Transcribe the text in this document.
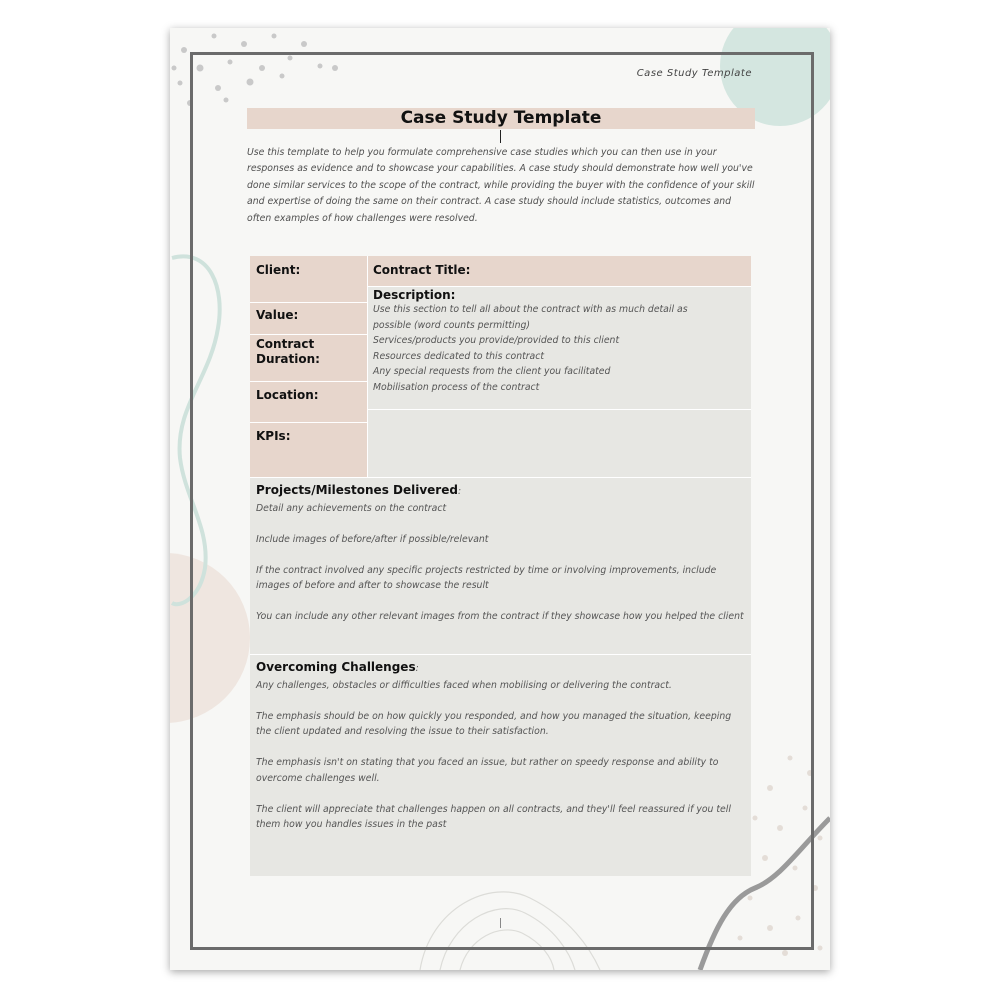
Case Study Template
Case Study Template
Use this template to help you formulate comprehensive case studies which you can then use in your responses as evidence and to showcase your capabilities. A case study should demonstrate how well you've done similar services to the scope of the contract, while providing the buyer with the confidence of your skill and expertise of doing the same on their contract. A case study should include statistics, outcomes and often examples of how challenges were resolved.
Client:	Contract Title:
Value:
Contract Duration:
Location:
KPIs:
Description:
Use this section to tell all about the contract with as much detail as possible (word counts permitting)
Services/products you provide/provided to this client
Resources dedicated to this contract
Any special requests from the client you facilitated
Mobilisation process of the contract
Projects/Milestones Delivered:
Detail any achievements on the contract
Include images of before/after if possible/relevant
If the contract involved any specific projects restricted by time or involving improvements, include images of before and after to showcase the result
You can include any other relevant images from the contract if they showcase how you helped the client
Overcoming Challenges:
Any challenges, obstacles or difficulties faced when mobilising or delivering the contract.
The emphasis should be on how quickly you responded, and how you managed the situation, keeping the client updated and resolving the issue to their satisfaction.
The emphasis isn't on stating that you faced an issue, but rather on speedy response and ability to overcome challenges well.
The client will appreciate that challenges happen on all contracts, and they'll feel reassured if you tell them how you handles issues in the past
